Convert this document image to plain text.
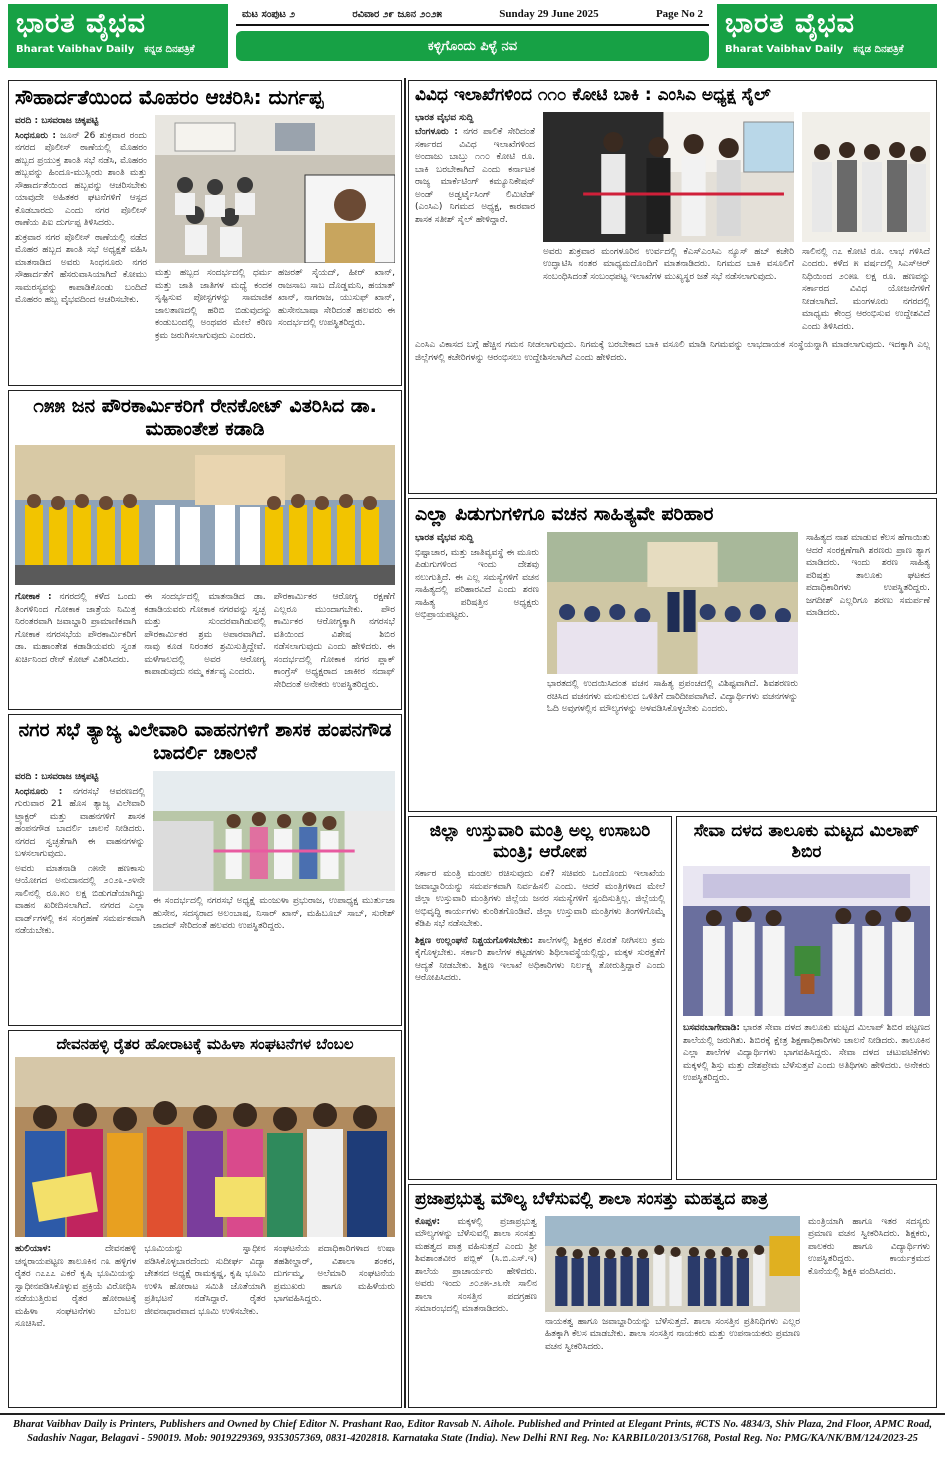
ಭಾರತ ವೈಭವ
Bharat Vaibhav Daily ಕನ್ನಡ ದಿನಪತ್ರಿಕೆ
ಮಟ ಸಂಪುಟ ೨	ರವಿವಾರ ೨೯ ಜೂನ ೨೦೨೫	Sunday 29 June 2025	Page No 2
ಕಳ್ಳಿಗೊಂದು ಪಿಳ್ಳೆ ನವ
ಭಾರತ ವೈಭವ
Bharat Vaibhav Daily ಕನ್ನಡ ದಿನಪತ್ರಿಕೆ
ಸೌಹಾರ್ದತೆಯಿಂದ ಮೊಹರಂ ಆಚರಿಸಿ: ದುರ್ಗಪ್ಪ

ವರದಿ : ಬಸವರಾಜ ಚಿಕ್ಕಪಟ್ಟಿ

ಸಿಂಧನೂರು : ಜೂನ್ 26 ಶುಕ್ರವಾರ ರಂದು ನಗರದ ಪೊಲೀಸ್ ಠಾಣೆಯಲ್ಲಿ ಮೊಹರಂ ಹಬ್ಬದ ಪ್ರಯುಕ್ತ ಶಾಂತಿ ಸಭೆ ನಡೆಸಿ, ಮೊಹರಂ ಹಬ್ಬವನ್ನು ಹಿಂದೂ-ಮುಸ್ಲಿಂರು ಶಾಂತಿ ಮತ್ತು ಸೌಹಾರ್ದತೆಯಿಂದ ಹಬ್ಬವನ್ನು ಆಚರಿಸಬೇಕು ಯಾವುದೇ ಅಹಿತಕರ ಘಟನೆಗಳಿಗೆ ಆಸ್ಪದ ಕೊಡಬಾರದು ಎಂದು ನಗರ ಪೊಲೀಸ್ ಠಾಣೆಯ ಪಿಐ ದುರ್ಗಪ್ಪ ತಿಳಿಸಿದರು.

ಶುಕ್ರವಾರ ನಗರ ಪೊಲೀಸ್ ಠಾಣೆಯಲ್ಲಿ ನಡೆದ ಮೊಹರ ಹಬ್ಬದ ಶಾಂತಿ ಸಭೆ ಅಧ್ಯಕ್ಷತೆ ವಹಿಸಿ ಮಾತನಾಡಿದ ಅವರು ಸಿಂಧನೂರು ನಗರ ಸೌಹಾರ್ದತೆಗೆ ಹೆಸರುವಾಸಿಯಾಗಿದೆ ಕೋಮು ಸಾಮರಸ್ಯವನ್ನು ಕಾಪಾಡಿಕೊಂಡು ಬಂದಿದೆ ಮೊಹರಂ ಹಬ್ಬ ವೈಭವದಿಂದ ಆಚರಿಸಬೇಕು.

ಮತ್ತು ಹಬ್ಬದ ಸಂದರ್ಭದಲ್ಲಿ ಧರ್ಮ ಮತ್ತು ಜಾತಿ ಜಾತಿಗಳ ಮಧ್ಯೆ ಕಂದಕ ಸೃಷ್ಟಿಸುವ ಪೋಸ್ಟಗಳನ್ನು ಸಾಮಾಜಿಕ ಜಾಲತಾಣದಲ್ಲಿ ಹರಿಬಿ ಬಿಡುವುದನ್ನು ಕಂಡುಬಂದಲ್ಲಿ ಅಂಥವರ ಮೇಲೆ ಕಠಿಣ ಕ್ರಮ ಜರುಗಿಸಲಾಗುವುದು ಎಂದರು.

ಹಜರತ್ ಸೈಯದ್, ಹೀರ್ ಖಾನ್, ರಾಜಸಾಬ ಸಾಬ ದೊಡ್ಡಮನಿ, ಹಯಾತ್ ಖಾನ್, ನಾಗರಾಜ, ಯುಸುಫ್ ಖಾನ್, ಹುಸೇನಬಾಷಾ ಸೇರಿದಂತೆ ಹಲವರು ಈ ಸಂದರ್ಭದಲ್ಲಿ ಉಪಸ್ಥಿತರಿದ್ದರು.

೧೫೫ ಜನ ಪೌರಕಾರ್ಮಿಕರಿಗೆ ರೇನಕೋಟ್ ವಿತರಿಸಿದ ಡಾ. ಮಹಾಂತೇಶ ಕಡಾಡಿ

ಗೋಕಾಕ : ನಗರದಲ್ಲಿ ಕಳೆದ ಒಂದು ತಿಂಗಳಿನಿಂದ ಗೋಕಾಕ ಜಾತ್ರೆಯ ನಿಮಿತ್ತ ನಿರಂತರವಾಗಿ ಜವಾಬ್ದಾರಿ ಪ್ರಾಮಾಣಿಕವಾಗಿ ಗೋಕಾಕ ನಗರಸಭೆಯ ಪೌರಕಾರ್ಮಿಕರಿಗೆ ಡಾ. ಮಹಾಂತೇಶ ಕಡಾಡಿಯವರು ಸ್ವಂತ ಖರ್ಚಿನಿಂದ ರೇನ್ ಕೋಟ್ ವಿತರಿಸಿದರು.

ಈ ಸಂದರ್ಭದಲ್ಲಿ ಮಾತನಾಡಿದ ಡಾ. ಕಡಾಡಿಯವರು ಗೋಕಾಕ ನಗರವನ್ನು ಸ್ವಚ್ಛ ಮತ್ತು ಸುಂದರವಾಗಿಡುವಲ್ಲಿ ಪೌರಕಾರ್ಮಿಕರ ಶ್ರಮ ಅಪಾರವಾಗಿದೆ. ನಾವು ಕೂಡ ನಿರಂತರ ಶ್ರಮಿಸುತ್ತಿದ್ದೇವೆ. ಮಳೆಗಾಲದಲ್ಲಿ ಅವರ ಆರೋಗ್ಯ ಕಾಪಾಡುವುದು ನಮ್ಮ ಕರ್ತವ್ಯ ಎಂದರು.

ಪೌರಕಾರ್ಮಿಕರ ಆರೋಗ್ಯ ರಕ್ಷಣೆಗೆ ಎಲ್ಲರೂ ಮುಂದಾಗಬೇಕು. ಪೌರ ಕಾರ್ಮಿಕರ ಆರೋಗ್ಯಕ್ಕಾಗಿ ನಗರಸಭೆ ವತಿಯಿಂದ ವಿಶೇಷ ಶಿಬಿರ ನಡೆಸಲಾಗುವುದು ಎಂದು ಹೇಳಿದರು. ಈ ಸಂದರ್ಭದಲ್ಲಿ ಗೋಕಾಕ ನಗರ ಪ್ಲಾಕ್ ಕಾಂಗ್ರೆಸ್ ಅಧ್ಯಕ್ಷರಾದ ಜಾಕೀರ ನದಾಫ್ ಸೇರಿದಂತೆ ಅನೇಕರು ಉಪಸ್ಥಿತರಿದ್ದರು.

ನಗರ ಸಭೆ ತ್ಯಾಜ್ಯ ವಿಲೇವಾರಿ ವಾಹನಗಳಿಗೆ ಶಾಸಕ ಹಂಪನಗೌಡ ಬಾದರ್ಲಿ ಚಾಲನೆ

ವರದಿ : ಬಸವರಾಜ ಚಿಕ್ಕಪಟ್ಟಿ

ಸಿಂಧನೂರು : ನಗರಸಭೆ ಆವರಣದಲ್ಲಿ ಗುರುವಾರ 21 ಹೊಸ ತ್ಯಾಜ್ಯ ವಿಲೇವಾರಿ ಟ್ರ್ಯಾಕ್ಟರ್ ಮತ್ತು ವಾಹನಗಳಿಗೆ ಶಾಸಕ ಹಂಪನಗೌಡ ಬಾದರ್ಲಿ ಚಾಲನೆ ನೀಡಿದರು. ನಗರದ ಸ್ವಚ್ಛತೆಗಾಗಿ ಈ ವಾಹನಗಳನ್ನು ಬಳಸಲಾಗುವುದು.

ಅವರು ಮಾತನಾಡಿ ೧೫ನೇ ಹಣಕಾಸು ಆಯೋಗದ ಅನುದಾನದಲ್ಲಿ ೨೦೨೩-೨೪ನೇ ಸಾಲಿನಲ್ಲಿ ರೂ.೫೦ ಲಕ್ಷ ಬಿಡುಗಡೆಯಾಗಿದ್ದು ವಾಹನ ಖರೀದಿಸಲಾಗಿದೆ. ನಗರದ ಎಲ್ಲಾ ವಾರ್ಡ್‌ಗಳಲ್ಲಿ ಕಸ ಸಂಗ್ರಹಣೆ ಸಮರ್ಪಕವಾಗಿ ನಡೆಯಬೇಕು.

ಈ ಸಂದರ್ಭದಲ್ಲಿ ನಗರಸಭೆ ಅಧ್ಯಕ್ಷೆ ಮಂಜುಳಾ ಪ್ರಭುರಾಜ, ಉಪಾಧ್ಯಕ್ಷ ಮುರ್ತುಜಾ ಹುಸೇನ, ಸದಸ್ಯರಾದ ಅಲಂಬಾಷ, ನಿಸಾರ್ ಖಾನ್, ಮಹಿಬೂಬ್ ಸಾಬ್, ಸುರೇಶ್ ಜಾದವ್ ಸೇರಿದಂತೆ ಹಲವರು ಉಪಸ್ಥಿತರಿದ್ದರು.

ದೇವನಹಳ್ಳಿ ರೈತರ ಹೋರಾಟಕ್ಕೆ ಮಹಿಳಾ ಸಂಘಟನೆಗಳ ಬೆಂಬಲ

ಹುಲಿಯಾಳ:	ದೇವನಹಳ್ಳಿ ಚನ್ನರಾಯಪಟ್ಟಣ ತಾಲೂಕಿನ ೧೩ ಹಳ್ಳಿಗಳ ರೈತರ ೧೭೭೭ ಎಕರೆ ಕೃಷಿ ಭೂಮಿಯನ್ನು ಸ್ವಾಧೀನಪಡಿಸಿಕೊಳ್ಳುವ ಪ್ರಕ್ರಿಯೆ ವಿರೋಧಿಸಿ ನಡೆಯುತ್ತಿರುವ ರೈತರ ಹೋರಾಟಕ್ಕೆ ಮಹಿಳಾ ಸಂಘಟನೆಗಳು ಬೆಂಬಲ ಸೂಚಿಸಿವೆ.

ಭೂಮಿಯನ್ನು ಸ್ವಾಧೀನ ಪಡಿಸಿಕೊಳ್ಳಬಾರದೆಂದು ಸುದೀರ್ಘ ವಿದ್ಯಾ ಚೇತನದ ಅಧ್ಯಕ್ಷೆ ರಾಮಕೃಷ್ಣ, ಕೃಷಿ ಭೂಮಿ ಉಳಿಸಿ ಹೋರಾಟ ಸಮಿತಿ ಜೊತೆಯಾಗಿ ಪ್ರತಿಭಟನೆ ನಡೆಸಿದ್ದಾರೆ. ರೈತರ ಜೀವನಾಧಾರವಾದ ಭೂಮಿ ಉಳಿಸಬೇಕು.

ಸಂಘಟನೆಯ ಪದಾಧಿಕಾರಿಗಳಾದ ಉಷಾ ತಹಶೀಲ್ದಾರ್, ವಿಶಾಲಾ ಶಂಕರ, ದುರ್ಗಮ್ಮ, ಅಲೆಮಾರಿ ಸಂಘಟನೆಯ ಪ್ರಮುಖರು ಹಾಗೂ ಮಹಿಳೆಯರು ಭಾಗವಹಿಸಿದ್ದರು.

ವಿವಿಧ ಇಲಾಖೆಗಳಿಂದ ೧೧೦ ಕೋಟಿ ಬಾಕಿ : ಎಂಸಿಎ ಅಧ್ಯಕ್ಷ ಸೈಲ್

ಭಾರತ ವೈಭವ ಸುದ್ದಿ

ಬೆಂಗಳೂರು : ನಗರ ಪಾಲಿಕೆ ಸೇರಿದಂತೆ ಸರ್ಕಾರದ ವಿವಿಧ ಇಲಾಖೆಗಳಿಂದ ಅಂದಾಜು ಬಾಬ್ತು ೧೧೦ ಕೋಟಿ ರೂ. ಬಾಕಿ ಬರಬೇಕಾಗಿದೆ ಎಂದು ಕರ್ನಾಟಕ ರಾಜ್ಯ ಮಾರ್ಕೆಟಿಂಗ್ ಕಮ್ಯೂನಿಕೇಷನ್ ಅಂಡ್ ಅಡ್ವರ್ಟೈಸಿಂಗ್ ಲಿಮಿಟೆಡ್ (ಎಂಸಿಎ) ನಿಗಮದ ಅಧ್ಯಕ್ಷ, ಕಾರವಾರ ಶಾಸಕ ಸತೀಶ್ ಸೈಲ್ ಹೇಳಿದ್ದಾರೆ.

ಅವರು ಶುಕ್ರವಾರ ಮಂಗಳೂರಿನ ಉರ್ವದಲ್ಲಿ ಕೆಎಸ್ಎಂಸಿಎ ನ್ಯೂಸ್ ಹಬ್ ಕಚೇರಿ ಉದ್ಘಾಟಿಸಿ ನಂತರ ಮಾಧ್ಯಮದೊಂದಿಗೆ ಮಾತನಾಡಿದರು. ನಿಗಮದ ಬಾಕಿ ವಸೂಲಿಗೆ ಸಂಬಂಧಿಸಿದಂತೆ ಸಂಬಂಧಪಟ್ಟ ಇಲಾಖೆಗಳ ಮುಖ್ಯಸ್ಥರ ಜತೆ ಸಭೆ ನಡೆಸಲಾಗುವುದು.

ಸಾಲಿನಲ್ಲಿ ೧೭ ಕೋಟಿ ರೂ. ಲಾಭ ಗಳಿಸಿದೆ ಎಂದರು. ಕಳೆದ ೫ ವರ್ಷದಲ್ಲಿ ಸಿಎಸ್‌ಆರ್ ನಿಧಿಯಿಂದ ೨೦೫೩ ಲಕ್ಷ ರೂ. ಹಣವನ್ನು ಸರ್ಕಾರದ ವಿವಿಧ ಯೋಜನೆಗಳಿಗೆ ನೀಡಲಾಗಿದೆ. ಮಂಗಳೂರು ನಗರದಲ್ಲಿ ಮಾಧ್ಯಮ ಕೇಂದ್ರ ಆರಂಭಿಸುವ ಉದ್ದೇಶವಿದೆ ಎಂದು ತಿಳಿಸಿದರು.

ಎಂಸಿಎ ವಿಕಾಸದ ಬಗ್ಗೆ ಹೆಚ್ಚಿನ ಗಮನ ನೀಡಲಾಗುವುದು. ನಿಗಮಕ್ಕೆ ಬರಬೇಕಾದ ಬಾಕಿ ವಸೂಲಿ ಮಾಡಿ ನಿಗಮವನ್ನು ಲಾಭದಾಯಕ ಸಂಸ್ಥೆಯನ್ನಾಗಿ ಮಾಡಲಾಗುವುದು. ಇದಕ್ಕಾಗಿ ಎಲ್ಲ ಜಿಲ್ಲೆಗಳಲ್ಲಿ ಕಚೇರಿಗಳನ್ನು ಆರಂಭಿಸಲು ಉದ್ದೇಶಿಸಲಾಗಿದೆ ಎಂದು ಹೇಳಿದರು.

ಎಲ್ಲಾ ಪಿಡುಗುಗಳಿಗೂ ವಚನ ಸಾಹಿತ್ಯವೇ ಪರಿಹಾರ

ಭಾರತ ವೈಭವ ಸುದ್ದಿ

ಭಿಷ್ಟಾಚಾರ, ಮತ್ತು ಜಾತಿವ್ಯವಸ್ಥೆ ಈ ಮೂರು ಪಿಡುಗುಗಳಿಂದ ಇಂದು ದೇಶವು ನಲುಗುತ್ತಿದೆ. ಈ ಎಲ್ಲ ಸಮಸ್ಯೆಗಳಿಗೆ ವಚನ ಸಾಹಿತ್ಯದಲ್ಲಿ ಪರಿಹಾರವಿದೆ ಎಂದು ಶರಣ ಸಾಹಿತ್ಯ ಪರಿಷತ್ತಿನ ಅಧ್ಯಕ್ಷರು ಅಭಿಪ್ರಾಯಪಟ್ಟರು.

ಭಾರತದಲ್ಲಿ ಉದಯಿಸಿದಂತ ವಚನ ಸಾಹಿತ್ಯ ಪ್ರಪಂಚದಲ್ಲಿ ವಿಶಿಷ್ಟವಾಗಿದೆ. ಶಿವಶರಣರು ರಚಿಸಿದ ವಚನಗಳು ಮನುಕುಲದ ಒಳಿತಿಗೆ ದಾರಿದೀಪವಾಗಿವೆ. ವಿದ್ಯಾರ್ಥಿಗಳು ವಚನಗಳನ್ನು ಓದಿ ಅವುಗಳಲ್ಲಿನ ಮೌಲ್ಯಗಳನ್ನು ಅಳವಡಿಸಿಕೊಳ್ಳಬೇಕು ಎಂದರು.

ಸಾಹಿತ್ಯದ ನಾಶ ಮಾಡುವ ಕೆಲಸ ಹೆಗಾಯಿತು ಆದರೆ ಸಂರಕ್ಷಣೆಗಾಗಿ ಶರಣರು ಪ್ರಾಣ ತ್ಯಾಗ ಮಾಡಿದರು. ಇಂದು ಶರಣ ಸಾಹಿತ್ಯ ಪರಿಷತ್ತು ತಾಲೂಕು ಘಟಕದ ಪದಾಧಿಕಾರಿಗಳು ಉಪಸ್ಥಿತರಿದ್ದರು. ಜಗದೀಶ್ ಎಲ್ಲರಿಗೂ ಶರಣು ಸಮರ್ಪಣೆ ಮಾಡಿದರು.

ಜಿಲ್ಲಾ ಉಸ್ತುವಾರಿ ಮಂತ್ರಿ ಅಲ್ಲ ಉಸಾಬರಿ ಮಂತ್ರಿ; ಆರೋಪ

ಸರ್ಕಾರ ಮಂತ್ರಿ ಮಂಡಲ ರಚಿಸುವುದು ಏಕೆ? ಸಚಿವರು ಒಂದೊಂದು ಇಲಾಖೆಯ ಜವಾಬ್ದಾರಿಯನ್ನು ಸಮರ್ಪಕವಾಗಿ ನಿರ್ವಹಿಸಲಿ ಎಂದು. ಆದರೆ ಮಂತ್ರಿಗಳಾದ ಮೇಲೆ ಜಿಲ್ಲಾ ಉಸ್ತುವಾರಿ ಮಂತ್ರಿಗಳು ಜಿಲ್ಲೆಯ ಜನರ ಸಮಸ್ಯೆಗಳಿಗೆ ಸ್ಪಂದಿಸುತ್ತಿಲ್ಲ. ಜಿಲ್ಲೆಯಲ್ಲಿ ಅಭಿವೃದ್ಧಿ ಕಾರ್ಯಗಳು ಕುಂಠಿತಗೊಂಡಿವೆ. ಜಿಲ್ಲಾ ಉಸ್ತುವಾರಿ ಮಂತ್ರಿಗಳು ತಿಂಗಳಿಗೊಮ್ಮೆ ಕೆಡಿಪಿ ಸಭೆ ನಡೆಸಬೇಕು.

ಶಿಕ್ಷಣ ಉಲ್ಲಂಘನೆ ನಿಶ್ಚಯಗೊಳಿಸಬೇಕು: ಶಾಲೆಗಳಲ್ಲಿ ಶಿಕ್ಷಕರ ಕೊರತೆ ನೀಗಿಸಲು ಕ್ರಮ ಕೈಗೊಳ್ಳಬೇಕು. ಸರ್ಕಾರಿ ಶಾಲೆಗಳ ಕಟ್ಟಡಗಳು ಶಿಥಿಲಾವಸ್ಥೆಯಲ್ಲಿದ್ದು, ಮಕ್ಕಳ ಸುರಕ್ಷತೆಗೆ ಆದ್ಯತೆ ನೀಡಬೇಕು. ಶಿಕ್ಷಣ ಇಲಾಖೆ ಅಧಿಕಾರಿಗಳು ನಿರ್ಲಕ್ಷ್ಯ ತೋರುತ್ತಿದ್ದಾರೆ ಎಂದು ಆರೋಪಿಸಿದರು.

ಸೇವಾ ದಳದ ತಾಲೂಕು ಮಟ್ಟದ ಮಿಲಾಪ್ ಶಿಬಿರ

ಬಸವನಬಾಗೇವಾಡಿ: ಭಾರತ ಸೇವಾ ದಳದ ತಾಲೂಕು ಮಟ್ಟದ ಮಿಲಾಪ್ ಶಿಬಿರ ಪಟ್ಟಣದ ಶಾಲೆಯಲ್ಲಿ ಜರುಗಿತು. ಶಿಬಿರಕ್ಕೆ ಕ್ಷೇತ್ರ ಶಿಕ್ಷಣಾಧಿಕಾರಿಗಳು ಚಾಲನೆ ನೀಡಿದರು. ತಾಲೂಕಿನ ಎಲ್ಲಾ ಶಾಲೆಗಳ ವಿದ್ಯಾರ್ಥಿಗಳು ಭಾಗವಹಿಸಿದ್ದರು. ಸೇವಾ ದಳದ ಚಟುವಟಿಕೆಗಳು ಮಕ್ಕಳಲ್ಲಿ ಶಿಸ್ತು ಮತ್ತು ದೇಶಪ್ರೇಮ ಬೆಳೆಸುತ್ತವೆ ಎಂದು ಅತಿಥಿಗಳು ಹೇಳಿದರು. ಅನೇಕರು ಉಪಸ್ಥಿತರಿದ್ದರು.

ಪ್ರಜಾಪ್ರಭುತ್ವ ಮೌಲ್ಯ ಬೆಳೆಸುವಲ್ಲಿ ಶಾಲಾ ಸಂಸತ್ತು ಮಹತ್ವದ ಪಾತ್ರ

ಕೊಪ್ಪಳ: ಮಕ್ಕಳಲ್ಲಿ ಪ್ರಜಾಪ್ರಭುತ್ವ ಮೌಲ್ಯಗಳನ್ನು ಬೆಳೆಸುವಲ್ಲಿ ಶಾಲಾ ಸಂಸತ್ತು ಮಹತ್ವದ ಪಾತ್ರ ವಹಿಸುತ್ತದೆ ಎಂದು ಶ್ರೀ ಶಿವಶಾಂತವೀರ ಪಬ್ಲಿಕ್ (ಸಿ.ಬಿ.ಎಸ್.ಇ) ಶಾಲೆಯ ಪ್ರಾಚಾರ್ಯರು ಹೇಳಿದರು. ಅವರು ಇಂದು ೨೦೨೫-೨೬ನೇ ಸಾಲಿನ ಶಾಲಾ ಸಂಸತ್ತಿನ ಪದಗ್ರಹಣ ಸಮಾರಂಭದಲ್ಲಿ ಮಾತನಾಡಿದರು.

ನಾಯಕತ್ವ ಹಾಗೂ ಜವಾಬ್ದಾರಿಯನ್ನು ಬೆಳೆಸುತ್ತದೆ. ಶಾಲಾ ಸಂಸತ್ತಿನ ಪ್ರತಿನಿಧಿಗಳು ಎಲ್ಲರ ಹಿತಕ್ಕಾಗಿ ಕೆಲಸ ಮಾಡಬೇಕು. ಶಾಲಾ ಸಂಸತ್ತಿನ ನಾಯಕರು ಮತ್ತು ಉಪನಾಯಕರು ಪ್ರಮಾಣ ವಚನ ಸ್ವೀಕರಿಸಿದರು.

ಮಂತ್ರಿಯಾಗಿ ಹಾಗೂ ಇತರ ಸದಸ್ಯರು ಪ್ರಮಾಣ ವಚನ ಸ್ವೀಕರಿಸಿದರು. ಶಿಕ್ಷಕರು, ಪಾಲಕರು ಹಾಗೂ ವಿದ್ಯಾರ್ಥಿಗಳು ಉಪಸ್ಥಿತರಿದ್ದರು. ಕಾರ್ಯಕ್ರಮದ ಕೊನೆಯಲ್ಲಿ ಶಿಕ್ಷಕಿ ವಂದಿಸಿದರು.

Bharat Vaibhav Daily is Printers, Publishers and Owned by Chief Editor N. Prashant Rao, Editor Ravsab N. Aihole. Published and Printed at Elegant Prints, #CTS No. 4834/3, Shiv Plaza, 2nd Floor, APMC Road, Sadashiv Nagar, Belagavi - 590019. Mob: 9019229369, 9353057369, 0831-4202818. Karnataka State (India). New Delhi RNI Reg. No: KARBIL0/2013/51768, Postal Reg. No: PMG/KA/NK/BM/124/2023-25
